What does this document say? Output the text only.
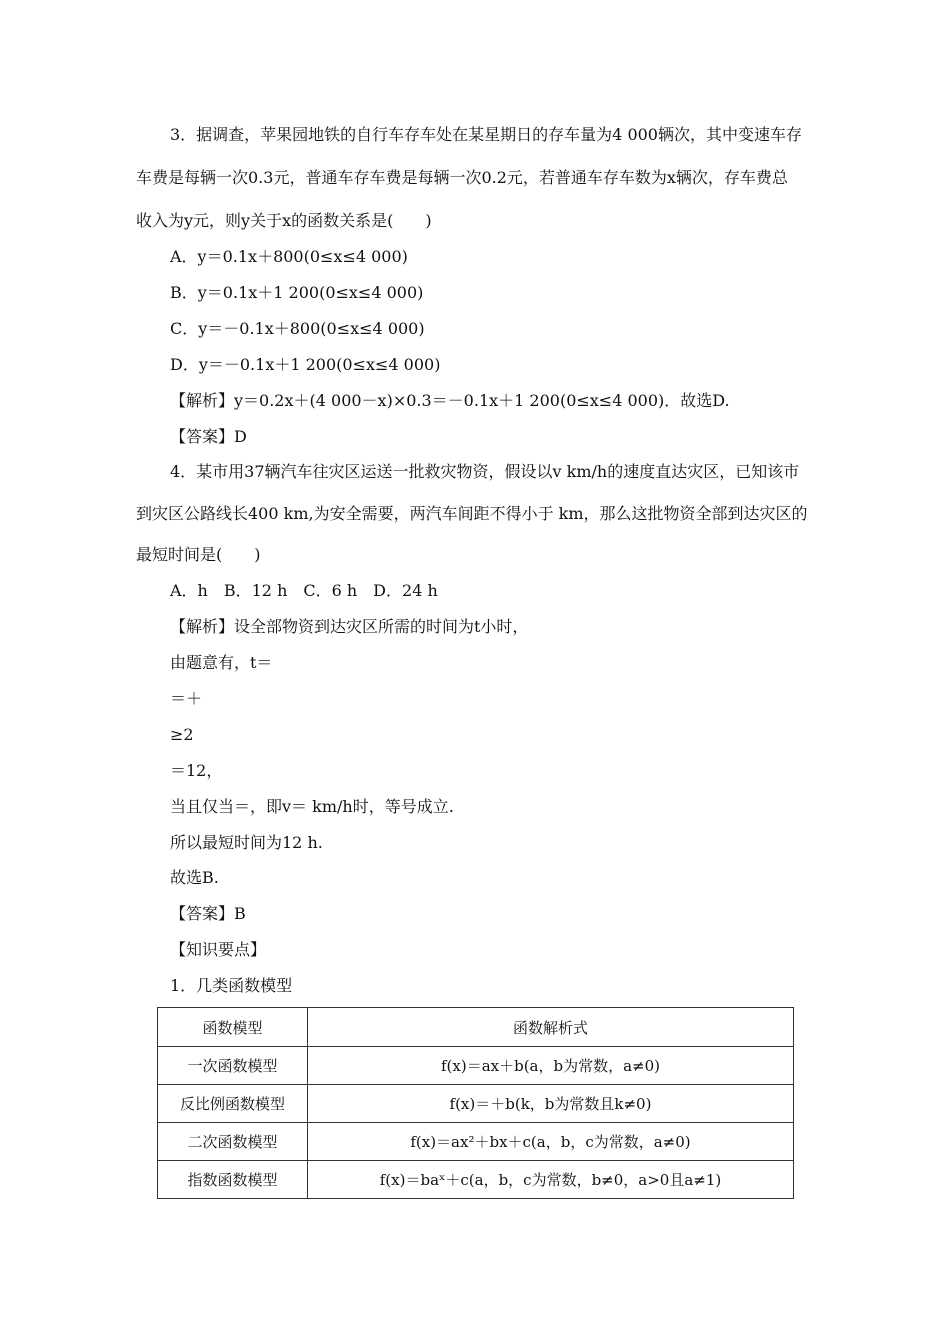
3．据调查，苹果园地铁的自行车存车处在某星期日的存车量为4 000辆次，其中变速车存
车费是每辆一次0.3元，普通车存车费是每辆一次0.2元，若普通车存车数为x辆次，存车费总
收入为y元，则y关于x的函数关系是(　　)
A．y＝0.1x＋800(0≤x≤4 000)
B．y＝0.1x＋1 200(0≤x≤4 000)
C．y＝－0.1x＋800(0≤x≤4 000)
D．y＝－0.1x＋1 200(0≤x≤4 000)
【解析】y＝0.2x＋(4 000－x)×0.3＝－0.1x＋1 200(0≤x≤4 000)．故选D.
【答案】D
4．某市用37辆汽车往灾区运送一批救灾物资，假设以v km/h的速度直达灾区，已知该市
到灾区公路线长400 km,为安全需要，两汽车间距不得小于 km，那么这批物资全部到达灾区的
最短时间是(　　)
A．h　B．12 h　C．6 h　D．24 h
【解析】设全部物资到达灾区所需的时间为t小时，
由题意有，t＝
＝＋
≥2
＝12，
当且仅当＝，即v＝ km/h时，等号成立.
所以最短时间为12 h.
故选B.
【答案】B
【知识要点】
1．几类函数模型
函数模型	函数解析式
一次函数模型	f(x)＝ax＋b(a，b为常数，a≠0)
反比例函数模型	f(x)＝＋b(k，b为常数且k≠0)
二次函数模型	f(x)＝ax²＋bx＋c(a，b，c为常数，a≠0)
指数函数模型	f(x)＝baˣ＋c(a，b，c为常数，b≠0，a>0且a≠1)
